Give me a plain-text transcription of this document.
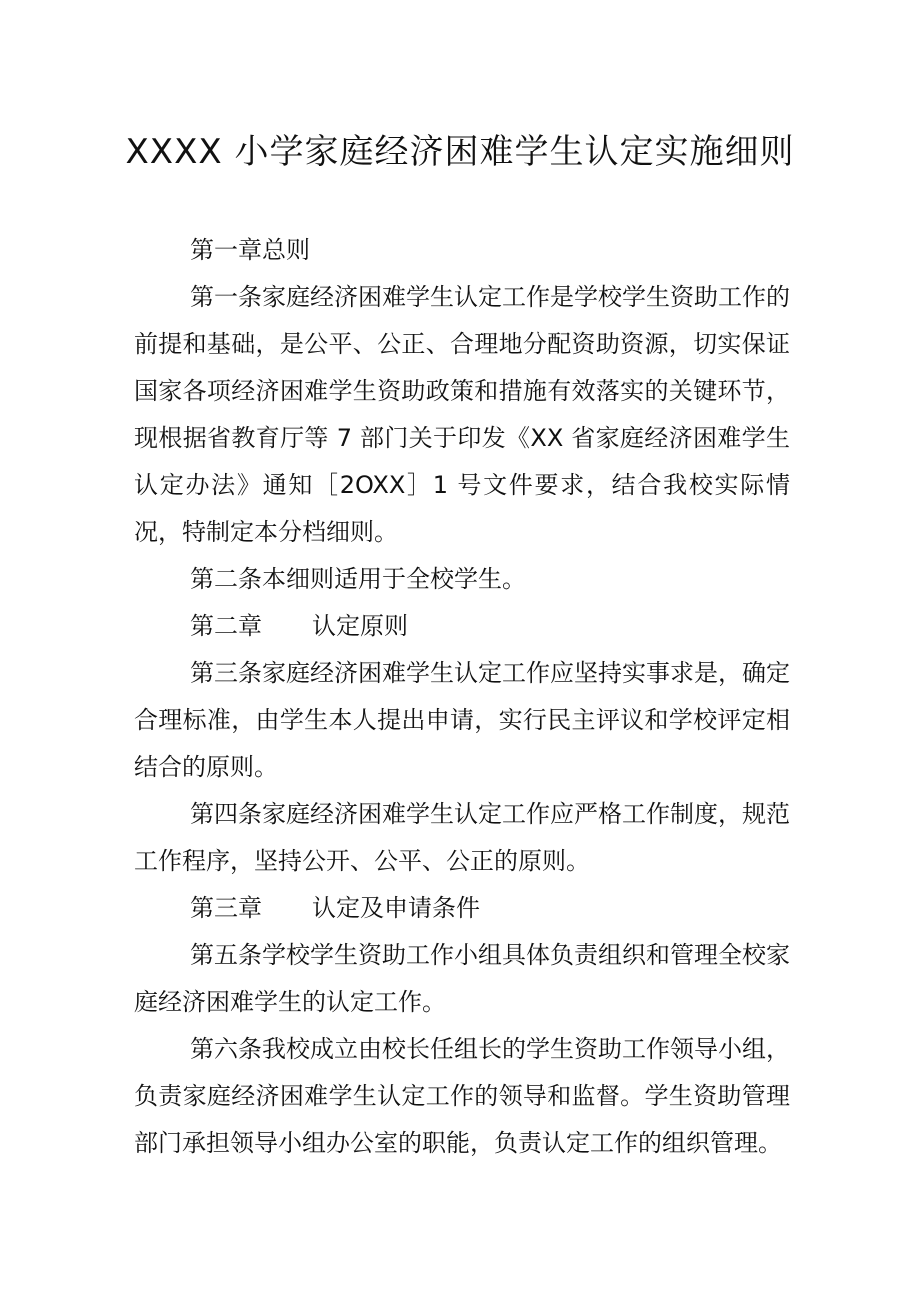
XXXX 小学家庭经济困难学生认定实施细则

第一章总则

第一条家庭经济困难学生认定工作是学校学生资助工作的前提和基础，是公平、公正、合理地分配资助资源，切实保证国家各项经济困难学生资助政策和措施有效落实的关键环节，现根据省教育厅等 7 部门关于印发《XX 省家庭经济困难学生认定办法》通知［2OXX］1 号文件要求，结合我校实际情况，特制定本分档细则。

第二条本细则适用于全校学生。

第二章 认定原则

第三条家庭经济困难学生认定工作应坚持实事求是，确定合理标准，由学生本人提出申请，实行民主评议和学校评定相结合的原则。

第四条家庭经济困难学生认定工作应严格工作制度，规范工作程序，坚持公开、公平、公正的原则。

第三章 认定及申请条件

第五条学校学生资助工作小组具体负责组织和管理全校家庭经济困难学生的认定工作。

第六条我校成立由校长任组长的学生资助工作领导小组，负责家庭经济困难学生认定工作的领导和监督。学生资助管理部门承担领导小组办公室的职能，负责认定工作的组织管理。
